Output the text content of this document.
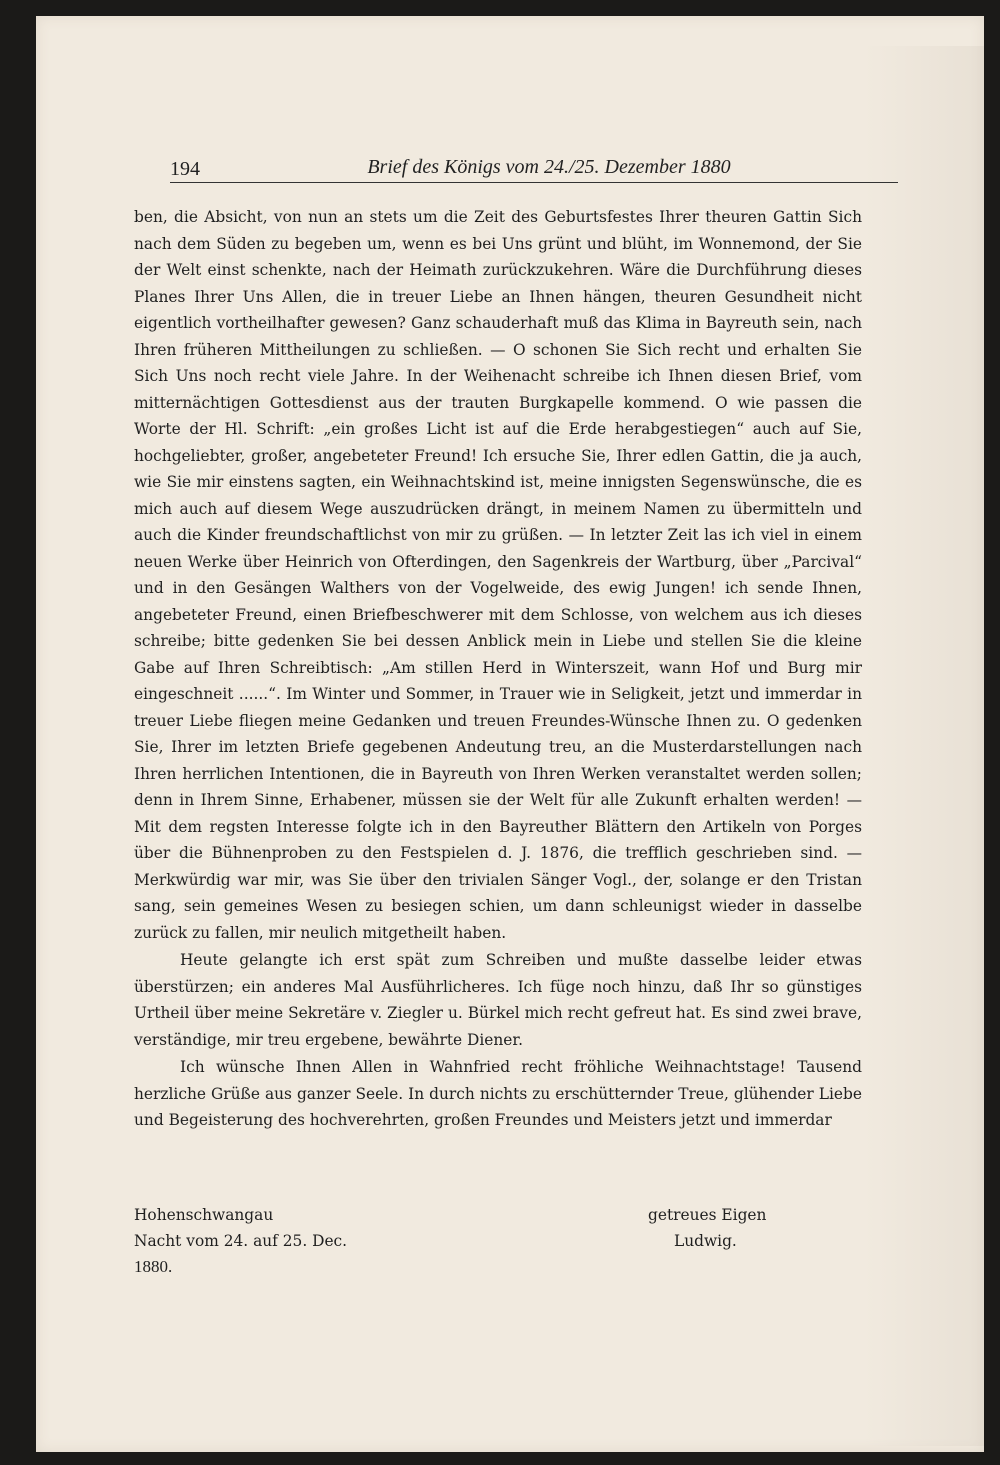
194	Brief des Königs vom 24./25. Dezember 1880

ben, die Absicht, von nun an stets um die Zeit des Geburtsfestes Ihrer theuren Gattin Sich nach dem Süden zu begeben um, wenn es bei Uns grünt und blüht, im Wonnemond, der Sie der Welt einst schenkte, nach der Heimath zurückzukehren. Wäre die Durchführung dieses Planes Ihrer Uns Allen, die in treuer Liebe an Ihnen hängen, theuren Gesundheit nicht eigentlich vortheilhafter gewesen? Ganz schauderhaft muß das Klima in Bayreuth sein, nach Ihren früheren Mittheilungen zu schließen. — O schonen Sie Sich recht und erhalten Sie Sich Uns noch recht viele Jahre. In der Weihenacht schreibe ich Ihnen diesen Brief, vom mitternächtigen Gottesdienst aus der trauten Burgkapelle kommend. O wie passen die Worte der Hl. Schrift: „ein großes Licht ist auf die Erde herabgestiegen“ auch auf Sie, hochgeliebter, großer, angebeteter Freund! Ich ersuche Sie, Ihrer edlen Gattin, die ja auch, wie Sie mir einstens sagten, ein Weihnachtskind ist, meine innigsten Segenswünsche, die es mich auch auf diesem Wege auszudrücken drängt, in meinem Namen zu übermitteln und auch die Kinder freundschaftlichst von mir zu grüßen. — In letzter Zeit las ich viel in einem neuen Werke über Heinrich von Ofterdingen, den Sagenkreis der Wartburg, über „Parcival“ und in den Gesängen Walthers von der Vogelweide, des ewig Jungen! ich sende Ihnen, angebeteter Freund, einen Briefbeschwerer mit dem Schlosse, von welchem aus ich dieses schreibe; bitte gedenken Sie bei dessen Anblick mein in Liebe und stellen Sie die kleine Gabe auf Ihren Schreibtisch: „Am stillen Herd in Winterszeit, wann Hof und Burg mir eingeschneit ......“. Im Winter und Sommer, in Trauer wie in Seligkeit, jetzt und immerdar in treuer Liebe fliegen meine Gedanken und treuen Freundes-Wünsche Ihnen zu. O gedenken Sie, Ihrer im letzten Briefe gegebenen Andeutung treu, an die Musterdarstellungen nach Ihren herrlichen Intentionen, die in Bayreuth von Ihren Werken veranstaltet werden sollen; denn in Ihrem Sinne, Erhabener, müssen sie der Welt für alle Zukunft erhalten werden! — Mit dem regsten Interesse folgte ich in den Bayreuther Blättern den Artikeln von Porges über die Bühnenproben zu den Festspielen d. J. 1876, die trefflich geschrieben sind. — Merkwürdig war mir, was Sie über den trivialen Sänger Vogl., der, solange er den Tristan sang, sein gemeines Wesen zu besiegen schien, um dann schleunigst wieder in dasselbe zurück zu fallen, mir neulich mitgetheilt haben.

Heute gelangte ich erst spät zum Schreiben und mußte dasselbe leider etwas überstürzen; ein anderes Mal Ausführlicheres. Ich füge noch hinzu, daß Ihr so günstiges Urtheil über meine Sekretäre v. Ziegler u. Bürkel mich recht gefreut hat. Es sind zwei brave, verständige, mir treu ergebene, bewährte Diener.

Ich wünsche Ihnen Allen in Wahnfried recht fröhliche Weihnachtstage! Tausend herzliche Grüße aus ganzer Seele. In durch nichts zu erschütternder Treue, glühender Liebe und Begeisterung des hochverehrten, großen Freundes und Meisters jetzt und immerdar

Hohenschwangau
Nacht vom 24. auf 25. Dec.
1880.
getreues Eigen
Ludwig.
